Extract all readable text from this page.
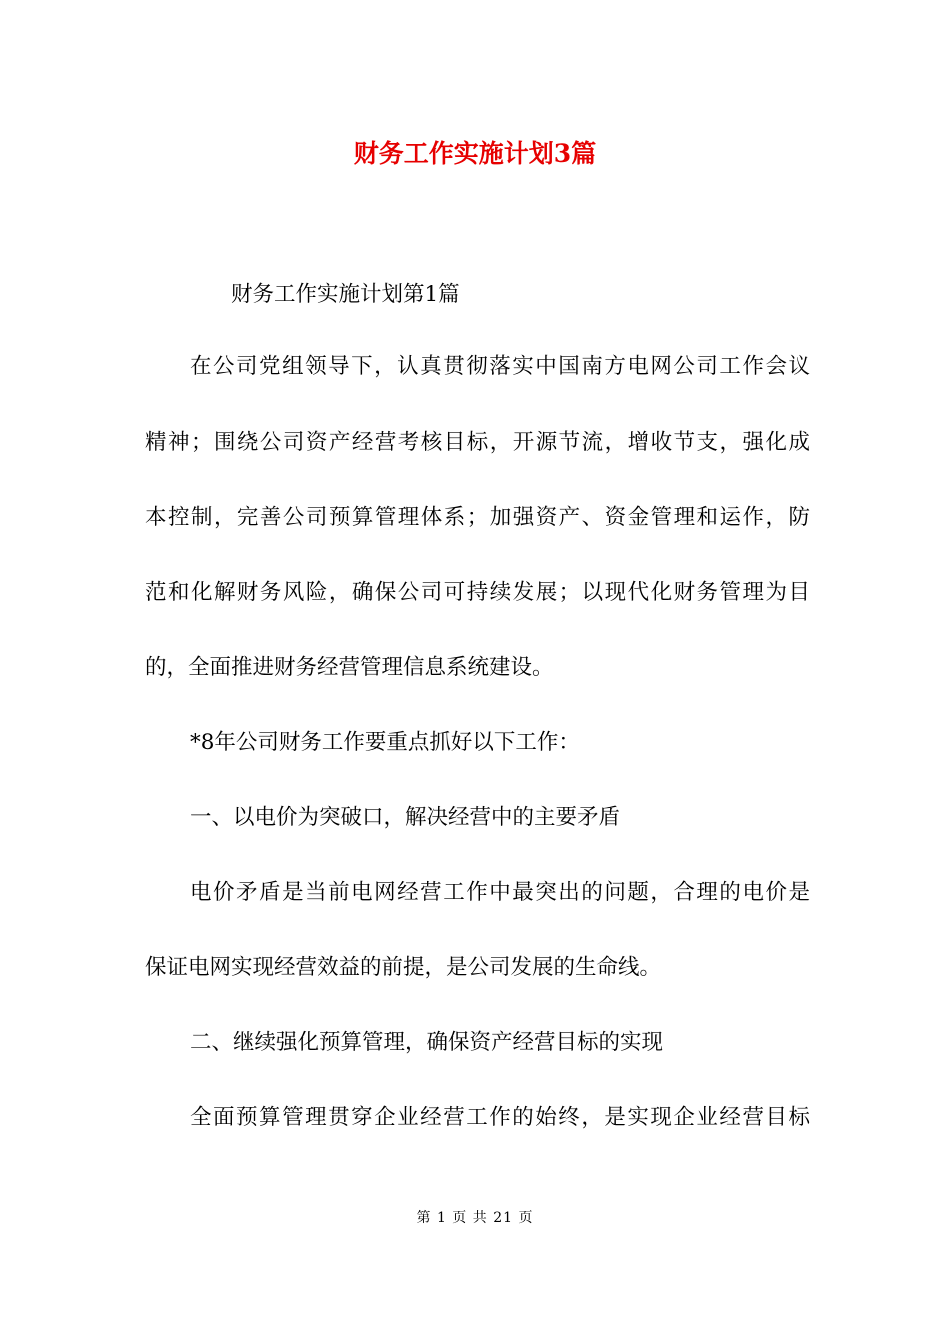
财务工作实施计划3篇
财务工作实施计划第1篇
在公司党组领导下，认真贯彻落实中国南方电网公司工作会议
精神；围绕公司资产经营考核目标，开源节流，增收节支，强化成
本控制，完善公司预算管理体系；加强资产、资金管理和运作，防
范和化解财务风险，确保公司可持续发展；以现代化财务管理为目
的，全面推进财务经营管理信息系统建设。
*8年公司财务工作要重点抓好以下工作：
一、以电价为突破口，解决经营中的主要矛盾
电价矛盾是当前电网经营工作中最突出的问题，合理的电价是
保证电网实现经营效益的前提，是公司发展的生命线。
二、继续强化预算管理，确保资产经营目标的实现
全面预算管理贯穿企业经营工作的始终，是实现企业经营目标
第 1 页 共 21 页
